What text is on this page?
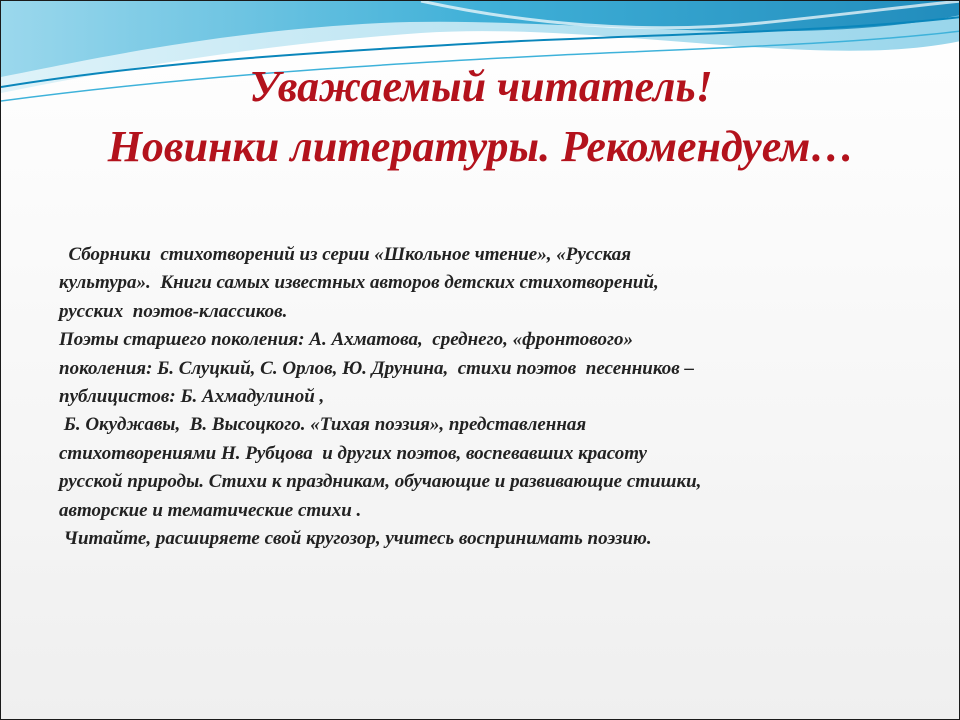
Уважаемый читатель!
Новинки литературы. Рекомендуем…
Сборники  стихотворений из серии «Школьное чтение», «Русская
культура».  Книги самых известных авторов детских стихотворений,
русских  поэтов-классиков.
Поэты старшего поколения: А. Ахматова,  среднего, «фронтового»
поколения: Б. Слуцкий, С. Орлов, Ю. Друнина,  стихи поэтов  песенников –
публицистов: Б. Ахмадулиной ,
Б. Окуджавы,  В. Высоцкого. «Тихая поэзия», представленная
стихотворениями Н. Рубцова  и других поэтов, воспевавших красоту
русской природы. Стихи к праздникам, обучающие и развивающие стишки,
авторские и тематические стихи .
Читайте, расширяете свой кругозор, учитесь воспринимать поэзию.
